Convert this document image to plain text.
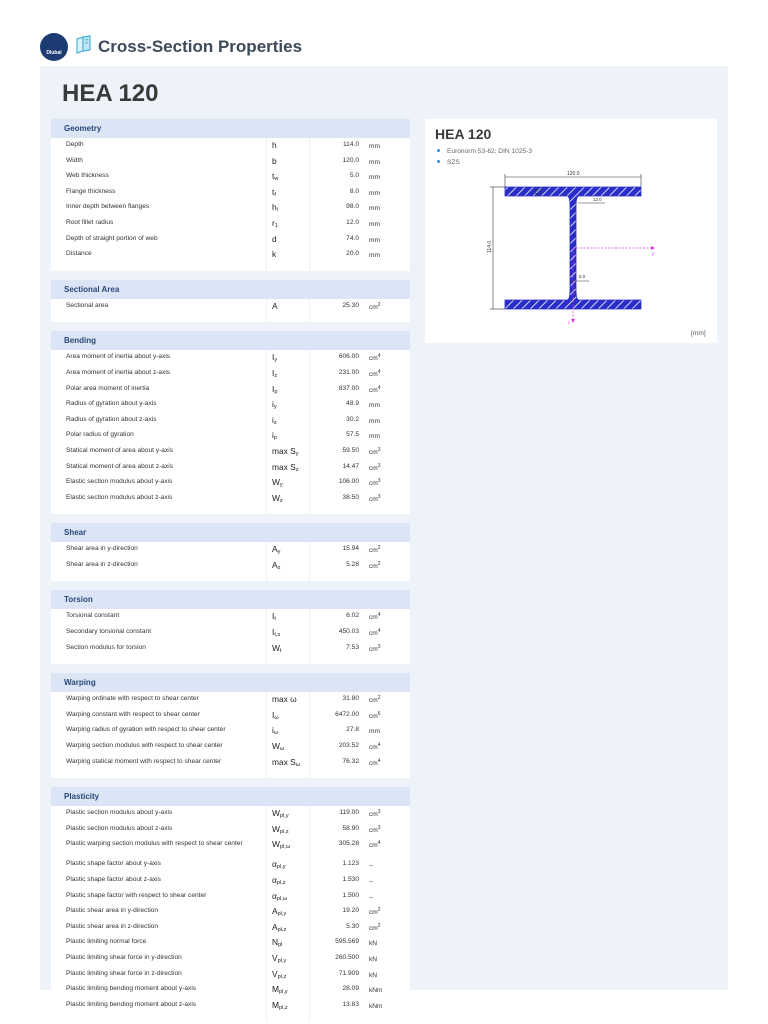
Dlubal	Cross-Section Properties
HEA 120
Geometry
Depth	h	114.0 mm
Width	b	120.0 mm
Web thickness	$t_w$	5.0 mm
Flange thickness	$t_f$	8.0 mm
Inner depth between flanges	$h_i$	98.0 mm
Root fillet radius	$r_1$	12.0 mm
Depth of straight portion of web	d	74.0 mm
Distance	k	20.0 mm
Sectional Area
Sectional area	A	25.30 $cm^2$
Bending
Area moment of inertia about y-axis	$I_y$	606.00 $cm^4$
Area moment of inertia about z-axis	$I_z$	231.00 $cm^4$
Polar area moment of inertia	$I_p$	837.00 $cm^4$
Radius of gyration about y-axis	$i_y$	48.9 mm
Radius of gyration about z-axis	$i_z$	30.2 mm
Polar radius of gyration	$i_p$	57.5 mm
Statical moment of area about y-axis	$\max S_y$	59.50 $cm^3$
Statical moment of area about z-axis	$\max S_z$	14.47 $cm^3$
Elastic section modulus about y-axis	$W_y$	106.00 $cm^3$
Elastic section modulus about z-axis	$W_z$	38.50 $cm^3$
Shear
Shear area in y-direction	$A_y$	15.94 $cm^2$
Shear area in z-direction	$A_z$	5.28 $cm^2$
Torsion
Torsional constant	$I_t$	6.02 $cm^4$
Secondary torsional constant	$I_{t,s}$	450.03 $cm^4$
Section modulus for torsion	$W_t$	7.53 $cm^3$
Warping
Warping ordinate with respect to shear center	max ω	31.80 $cm^2$
Warping constant with respect to shear center	$I_\omega$	6472.00 $cm^6$
Warping radius of gyration with respect to shear center	$i_\omega$	27.8 mm
Warping section modulus with respect to shear center	$W_\omega$	203.52 $cm^4$
Warping statical moment with respect to shear center	$\max S_\omega$	76.32 $cm^4$
Plasticity
Plastic section modulus about y-axis	$W_{pl,y}$	119.00 $cm^3$
Plastic section modulus about z-axis	$W_{pl,z}$	58.90 $cm^3$
Plastic warping section modulus with respect to shear center	$W_{pl,\omega}$	305.28 $cm^4$
Plastic shape factor about y-axis	$\alpha_{pl,y}$	1.123 --
Plastic shape factor about z-axis	$\alpha_{pl,z}$	1.530 --
Plastic shape factor with respect to shear center	$\alpha_{pl,\omega}$	1.500 --
Plastic shear area in y-direction	$A_{pl,y}$	19.20 $cm^2$
Plastic shear area in z-direction	$A_{pl,z}$	5.30 $cm^2$
Plastic limiting normal force	$N_{pl}$	595.569 kN
Plastic limiting shear force in y-direction	$V_{pl,y}$	260.500 kN
Plastic limiting shear force in z-direction	$V_{pl,z}$	71.909 kN
Plastic limiting bending moment about y-axis	$M_{pl,y}$	28.09 kNm
Plastic limiting bending moment about z-axis	$M_{pl,z}$	13.83 kNm
HEA 120
Euronorm 53-62; DIN 1025-3
SZS
120.0
114.0
8.0
12.0
5.0
y
z
[mm]
